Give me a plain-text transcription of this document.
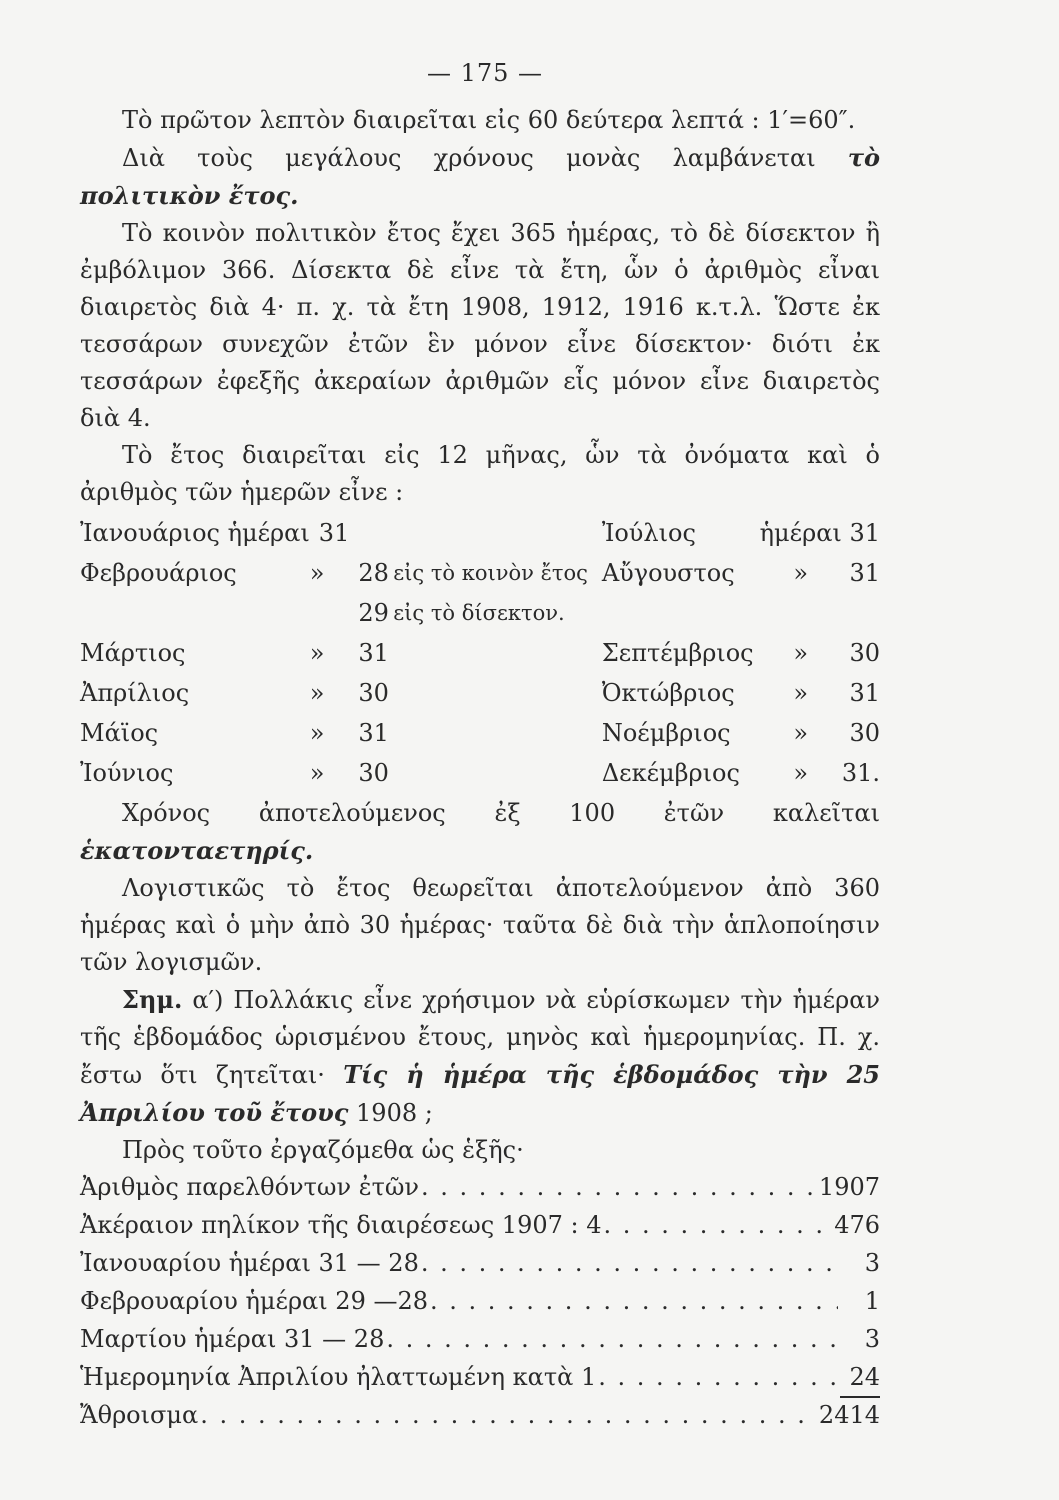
— 175 —

Τὸ πρῶτον λεπτὸν διαιρεῖται εἰς 60 δεύτερα λεπτά : 1′=60″.

Διὰ τοὺς μεγάλους χρόνους μονὰς λαμβάνεται τὸ πολιτικὸν ἔτος.

Τὸ κοινὸν πολιτικὸν ἔτος ἔχει 365 ἡμέρας, τὸ δὲ δίσεκτον ἢ ἐμβόλιμον 366. Δίσεκτα δὲ εἶνε τὰ ἔτη, ὧν ὁ ἀριθμὸς εἶναι διαιρετὸς διὰ 4· π. χ. τὰ ἔτη 1908, 1912, 1916 κ.τ.λ. Ὥστε ἐκ τεσσάρων συνεχῶν ἐτῶν ἓν μόνον εἶνε δίσεκτον· διότι ἐκ τεσσάρων ἐφεξῆς ἀκεραίων ἀριθμῶν εἷς μόνον εἶνε διαιρετὸς διὰ 4.

Τὸ ἔτος διαιρεῖται εἰς 12 μῆνας, ὧν τὰ ὀνόματα καὶ ὁ ἀριθμὸς τῶν ἡμερῶν εἶνε :

Ἰανουάριος ἡμέραι	31			Ἰούλιος	ἡμέραι	31
Φεβρουάριος	»	28	εἰς τὸ κοινὸν ἔτος	Αὔγουστος	»	31
		29	εἰς τὸ δίσεκτον.			
Μάρτιος	»	31		Σεπτέμβριος	»	30
Ἀπρίλιος	»	30		Ὀκτώβριος	»	31
Μάϊος	»	31		Νοέμβριος	»	30
Ἰούνιος	»	30		Δεκέμβριος	»	31.

Χρόνος ἀποτελούμενος ἐξ 100 ἐτῶν καλεῖται ἑκατονταετηρίς.

Λογιστικῶς τὸ ἔτος θεωρεῖται ἀποτελούμενον ἀπὸ 360 ἡμέρας καὶ ὁ μὴν ἀπὸ 30 ἡμέρας· ταῦτα δὲ διὰ τὴν ἁπλοποίησιν τῶν λογισμῶν.

Σημ. α′) Πολλάκις εἶνε χρήσιμον νὰ εὑρίσκωμεν τὴν ἡμέραν τῆς ἑβδομάδος ὡρισμένου ἔτους, μηνὸς καὶ ἡμερομηνίας. Π. χ. ἔστω ὅτι ζητεῖται· Τίς ἡ ἡμέρα τῆς ἑβδομάδος τὴν 25 Ἀπριλίου τοῦ ἔτους 1908 ;

Πρὸς τοῦτο ἐργαζόμεθα ὡς ἑξῆς·

Ἀριθμὸς παρελθόντων ἐτῶν . . .	1907
Ἀκέραιον πηλίκον τῆς διαιρέσεως 1907 : 4 . . .	476
Ἰανουαρίου ἡμέραι 31 — 28 . . .	3
Φεβρουαρίου ἡμέραι 29 —28 . . .	1
Μαρτίου ἡμέραι 31 — 28 . . .	3
Ἡμερομηνία Ἀπριλίου ἠλαττωμένη κατὰ 1 . . .	24
Ἄθροισμα . . .	2414
